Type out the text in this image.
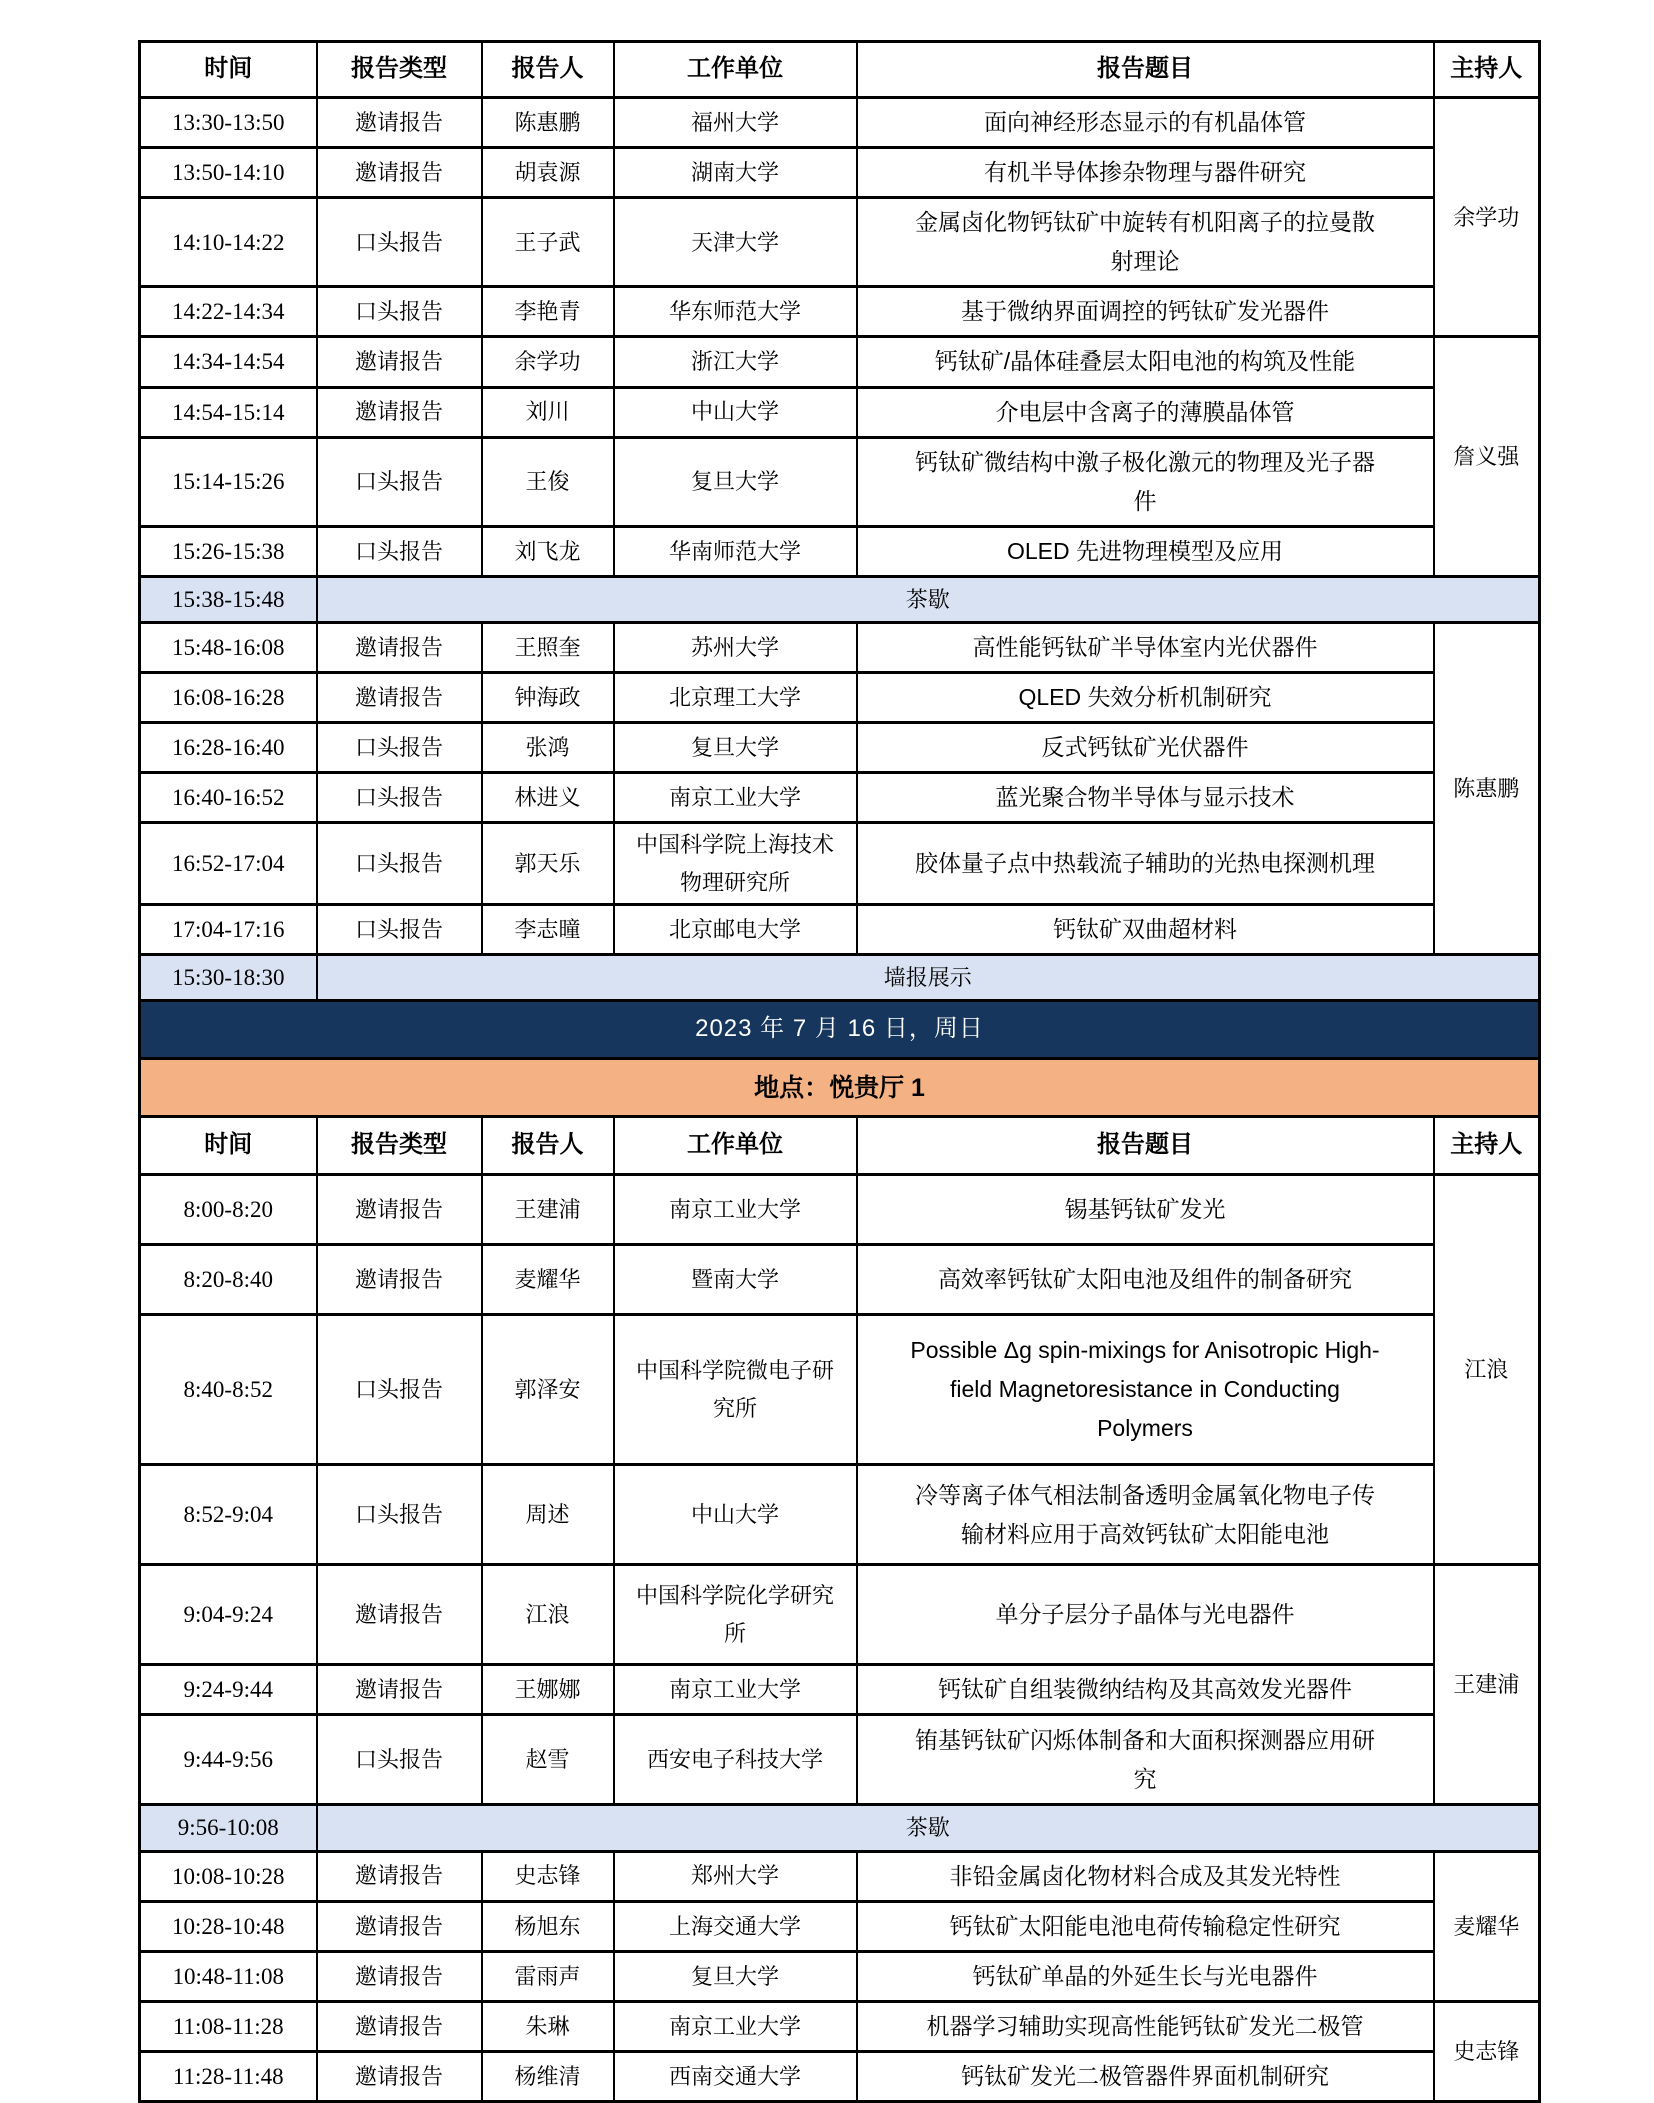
时间	报告类型	报告人	工作单位	报告题目	主持人
13:30-13:50	邀请报告	陈惠鹏	福州大学	面向神经形态显示的有机晶体管	余学功
13:50-14:10	邀请报告	胡袁源	湖南大学	有机半导体掺杂物理与器件研究	
14:10-14:22	口头报告	王子武	天津大学	金属卤化物钙钛矿中旋转有机阳离子的拉曼散射理论	
14:22-14:34	口头报告	李艳青	华东师范大学	基于微纳界面调控的钙钛矿发光器件	
14:34-14:54	邀请报告	余学功	浙江大学	钙钛矿/晶体硅叠层太阳电池的构筑及性能	詹义强
14:54-15:14	邀请报告	刘川	中山大学	介电层中含离子的薄膜晶体管	
15:14-15:26	口头报告	王俊	复旦大学	钙钛矿微结构中激子极化激元的物理及光子器件	
15:26-15:38	口头报告	刘飞龙	华南师范大学	OLED 先进物理模型及应用	
15:38-15:48	茶歇				
15:48-16:08	邀请报告	王照奎	苏州大学	高性能钙钛矿半导体室内光伏器件	陈惠鹏
16:08-16:28	邀请报告	钟海政	北京理工大学	QLED 失效分析机制研究	
16:28-16:40	口头报告	张鸿	复旦大学	反式钙钛矿光伏器件	
16:40-16:52	口头报告	林进义	南京工业大学	蓝光聚合物半导体与显示技术	
16:52-17:04	口头报告	郭天乐	中国科学院上海技术物理研究所	胶体量子点中热载流子辅助的光热电探测机理	
17:04-17:16	口头报告	李志曈	北京邮电大学	钙钛矿双曲超材料	
15:30-18:30	墙报展示				
2023 年 7 月 16 日，周日					
地点：悦贵厅 1					
时间	报告类型	报告人	工作单位	报告题目	主持人
8:00-8:20	邀请报告	王建浦	南京工业大学	锡基钙钛矿发光	江浪
8:20-8:40	邀请报告	麦耀华	暨南大学	高效率钙钛矿太阳电池及组件的制备研究	
8:40-8:52	口头报告	郭泽安	中国科学院微电子研究所	Possible Δg spin-mixings for Anisotropic High-field Magnetoresistance in Conducting Polymers	
8:52-9:04	口头报告	周述	中山大学	冷等离子体气相法制备透明金属氧化物电子传输材料应用于高效钙钛矿太阳能电池	
9:04-9:24	邀请报告	江浪	中国科学院化学研究所	单分子层分子晶体与光电器件	王建浦
9:24-9:44	邀请报告	王娜娜	南京工业大学	钙钛矿自组装微纳结构及其高效发光器件	
9:44-9:56	口头报告	赵雪	西安电子科技大学	铕基钙钛矿闪烁体制备和大面积探测器应用研究	
9:56-10:08	茶歇				
10:08-10:28	邀请报告	史志锋	郑州大学	非铅金属卤化物材料合成及其发光特性	麦耀华
10:28-10:48	邀请报告	杨旭东	上海交通大学	钙钛矿太阳能电池电荷传输稳定性研究	
10:48-11:08	邀请报告	雷雨声	复旦大学	钙钛矿单晶的外延生长与光电器件	
11:08-11:28	邀请报告	朱琳	南京工业大学	机器学习辅助实现高性能钙钛矿发光二极管	史志锋
11:28-11:48	邀请报告	杨维清	西南交通大学	钙钛矿发光二极管器件界面机制研究	
